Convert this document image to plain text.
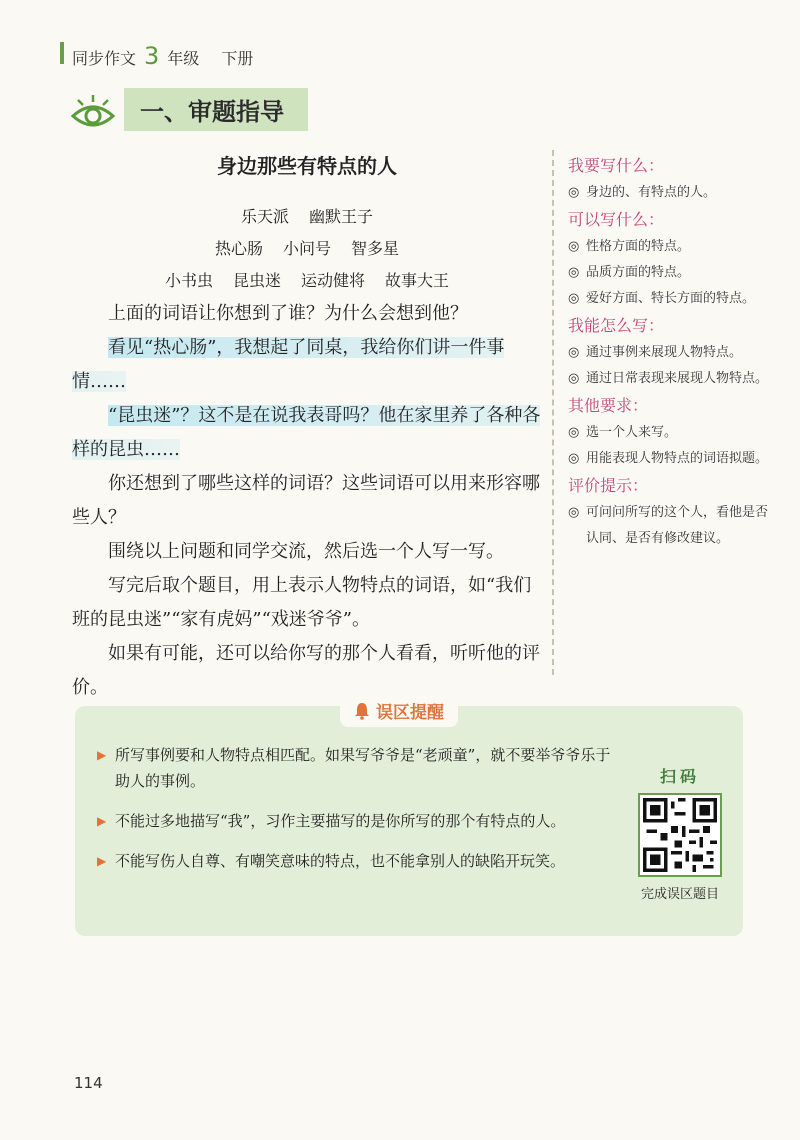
同步作文 3 年级 下册
一、审题指导

身边那些有特点的人

乐天派 幽默王子

热心肠 小问号 智多星

小书虫 昆虫迷 运动健将 故事大王

上面的词语让你想到了谁？为什么会想到他？

看见“热心肠”，我想起了同桌，我给你们讲一件事情……

“昆虫迷”？这不是在说我表哥吗？他在家里养了各种各样的昆虫……

你还想到了哪些这样的词语？这些词语可以用来形容哪些人？

围绕以上问题和同学交流，然后选一个人写一写。

写完后取个题目，用上表示人物特点的词语，如“我们班的昆虫迷”“家有虎妈”“戏迷爷爷”。

如果有可能，还可以给你写的那个人看看，听听他的评价。

我要写什么：

◎ 身边的、有特点的人。

可以写什么：

◎ 性格方面的特点。

◎ 品质方面的特点。

◎ 爱好方面、特长方面的特点。

我能怎么写：

◎ 通过事例来展现人物特点。

◎ 通过日常表现来展现人物特点。

其他要求：

◎ 选一个人来写。

◎ 用能表现人物特点的词语拟题。

评价提示：

◎ 可问问所写的这个人，看他是否认同、是否有修改建议。

误区提醒
▶ 所写事例要和人物特点相匹配。如果写爷爷是“老顽童”，就不要举爷爷乐于助人的事例。
▶ 不能过多地描写“我”，习作主要描写的是你所写的那个有特点的人。
▶ 不能写伤人自尊、有嘲笑意味的特点，也不能拿别人的缺陷开玩笑。
扫码
完成误区题目
114
